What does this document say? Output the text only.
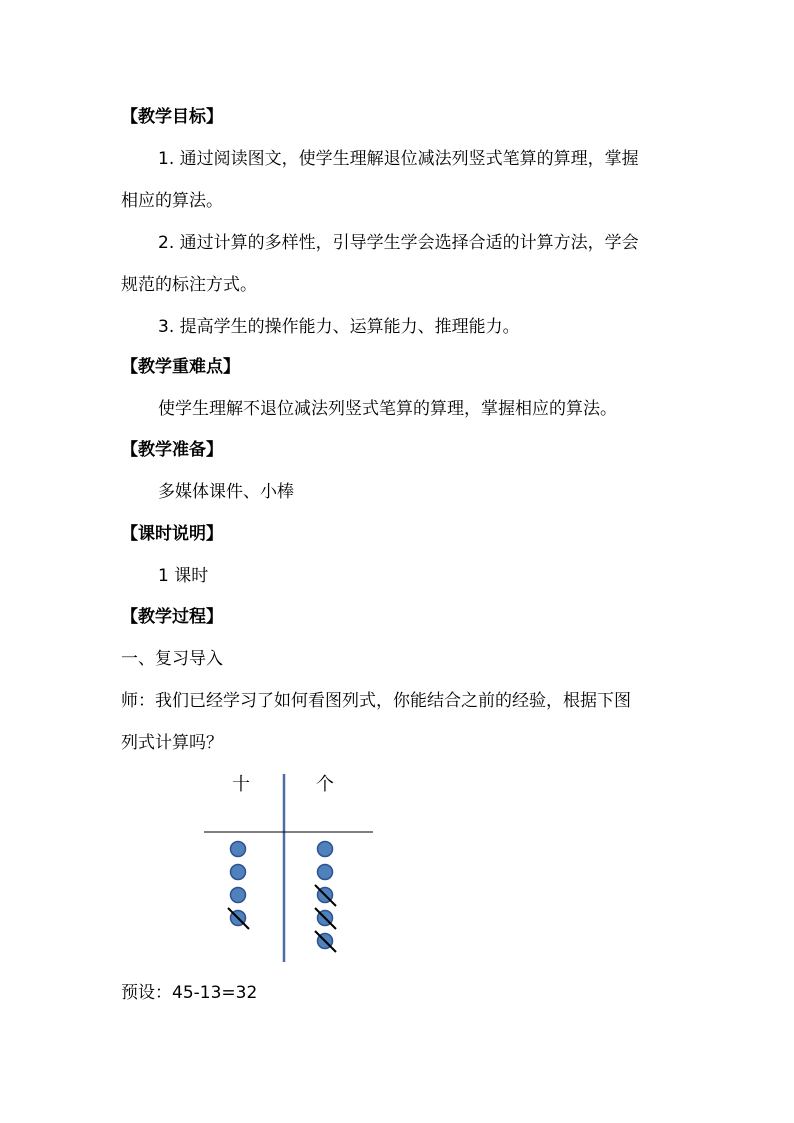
【教学目标】
1. 通过阅读图文，使学生理解退位减法列竖式笔算的算理，掌握
相应的算法。
2. 通过计算的多样性，引导学生学会选择合适的计算方法，学会
规范的标注方式。
3. 提高学生的操作能力、运算能力、推理能力。
【教学重难点】
使学生理解不退位减法列竖式笔算的算理，掌握相应的算法。
【教学准备】
多媒体课件、小棒
【课时说明】
1 课时
【教学过程】
一、复习导入
师：我们已经学习了如何看图列式，你能结合之前的经验，根据下图
列式计算吗？
十	个
预设：45-13=32
